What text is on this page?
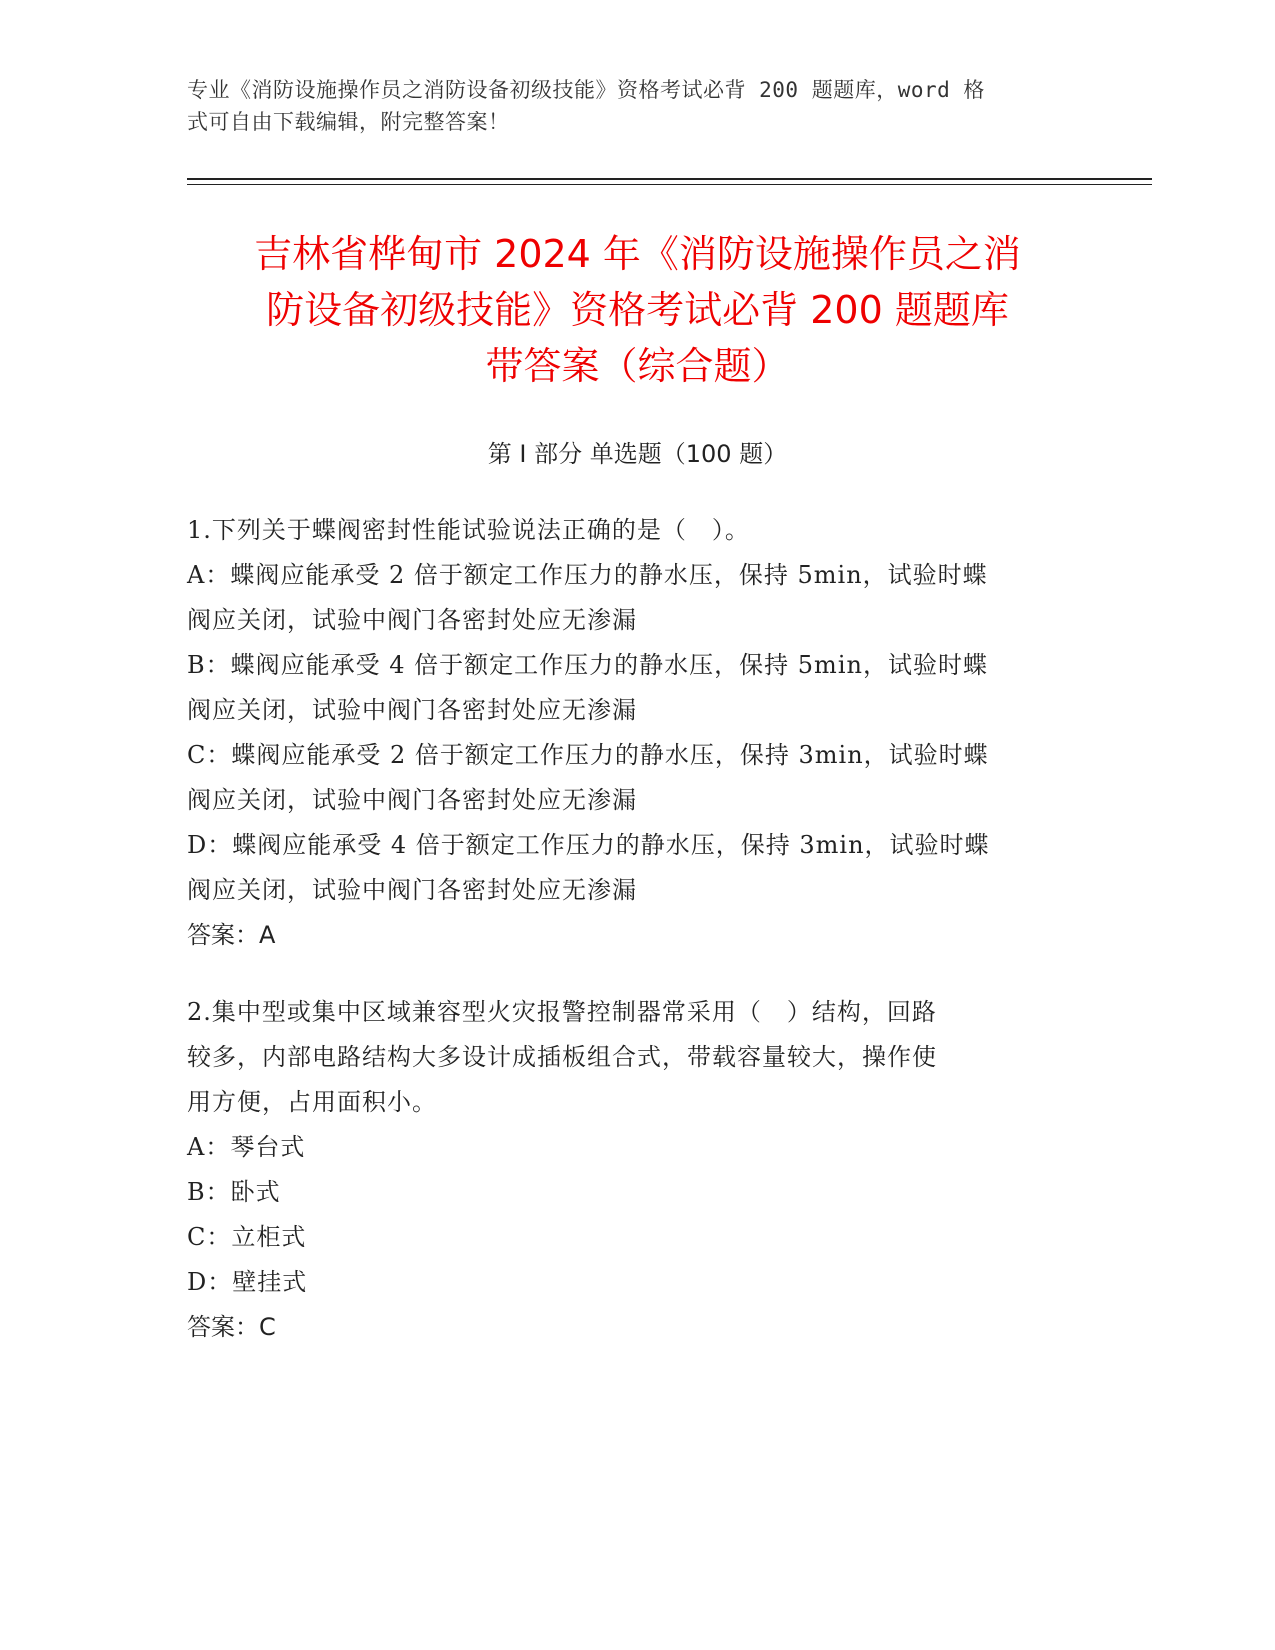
专业《消防设施操作员之消防设备初级技能》资格考试必背 200 题题库，word 格
式可自由下载编辑，附完整答案！
吉林省桦甸市 2024 年《消防设施操作员之消
防设备初级技能》资格考试必背 200 题题库
带答案（综合题）
第 I 部分 单选题（100 题）

1.下列关于蝶阀密封性能试验说法正确的是（　）。

A：蝶阀应能承受 2 倍于额定工作压力的静水压，保持 5min，试验时蝶

阀应关闭，试验中阀门各密封处应无渗漏

B：蝶阀应能承受 4 倍于额定工作压力的静水压，保持 5min，试验时蝶

阀应关闭，试验中阀门各密封处应无渗漏

C：蝶阀应能承受 2 倍于额定工作压力的静水压，保持 3min，试验时蝶

阀应关闭，试验中阀门各密封处应无渗漏

D：蝶阀应能承受 4 倍于额定工作压力的静水压，保持 3min，试验时蝶

阀应关闭，试验中阀门各密封处应无渗漏

答案：A

2.集中型或集中区域兼容型火灾报警控制器常采用（　）结构，回路

较多，内部电路结构大多设计成插板组合式，带载容量较大，操作使

用方便，占用面积小。

A：琴台式

B：卧式

C：立柜式

D：壁挂式

答案：C
